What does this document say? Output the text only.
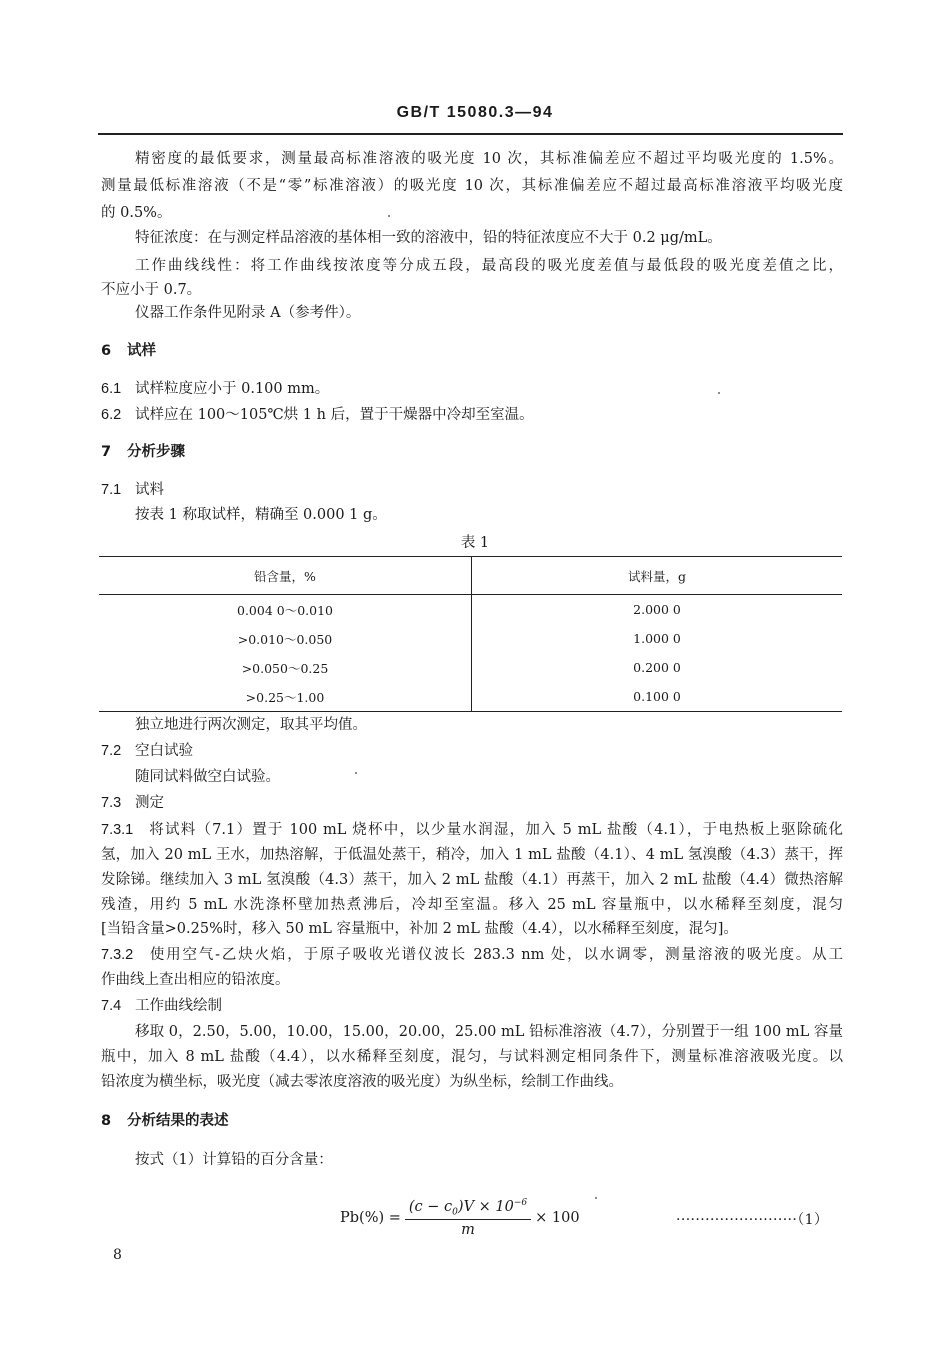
GB/T 15080.3—94
精密度的最低要求，测量最高标准溶液的吸光度 10 次，其标准偏差应不超过平均吸光度的 1.5%。
测量最低标准溶液（不是“零”标准溶液）的吸光度 10 次，其标准偏差应不超过最高标准溶液平均吸光度
的 0.5%。
特征浓度：在与测定样品溶液的基体相一致的溶液中，铅的特征浓度应不大于 0.2 μg/mL。
工作曲线线性：将工作曲线按浓度等分成五段，最高段的吸光度差值与最低段的吸光度差值之比，
不应小于 0.7。
仪器工作条件见附录 A（参考件）。
6 试样
6.1 试样粒度应小于 0.100 mm。
6.2 试样应在 100～105℃烘 1 h 后，置于干燥器中冷却至室温。
7 分析步骤
7.1 试料
按表 1 称取试样，精确至 0.000 1 g。
表 1
铅含量，%	试料量，g
0.004 0～0.010	2.000 0
>0.010～0.050	1.000 0
>0.050～0.25	0.200 0
>0.25～1.00	0.100 0
独立地进行两次测定，取其平均值。
7.2 空白试验
随同试料做空白试验。
7.3 测定
7.3.1 将试料（7.1）置于 100 mL 烧杯中，以少量水润湿，加入 5 mL 盐酸（4.1），于电热板上驱除硫化
氢，加入 20 mL 王水，加热溶解，于低温处蒸干，稍冷，加入 1 mL 盐酸（4.1）、4 mL 氢溴酸（4.3）蒸干，挥
发除锑。继续加入 3 mL 氢溴酸（4.3）蒸干，加入 2 mL 盐酸（4.1）再蒸干，加入 2 mL 盐酸（4.4）微热溶解
残渣，用约 5 mL 水洗涤杯壁加热煮沸后，冷却至室温。移入 25 mL 容量瓶中，以水稀释至刻度，混匀
[当铅含量>0.25%时，移入 50 mL 容量瓶中，补加 2 mL 盐酸（4.4），以水稀释至刻度，混匀]。
7.3.2 使用空气-乙炔火焰，于原子吸收光谱仪波长 283.3 nm 处，以水调零，测量溶液的吸光度。从工
作曲线上查出相应的铅浓度。
7.4 工作曲线绘制
移取 0，2.50，5.00，10.00，15.00，20.00，25.00 mL 铅标准溶液（4.7），分别置于一组 100 mL 容量
瓶中，加入 8 mL 盐酸（4.4），以水稀释至刻度，混匀，与试料测定相同条件下，测量标准溶液吸光度。以
铅浓度为横坐标，吸光度（减去零浓度溶液的吸光度）为纵坐标，绘制工作曲线。
8 分析结果的表述
按式（1）计算铅的百分含量：
$Pb(\%) = \frac{(c - c_0)V \times 10^{-6}}{m} \times 100$	·························（1）
8
